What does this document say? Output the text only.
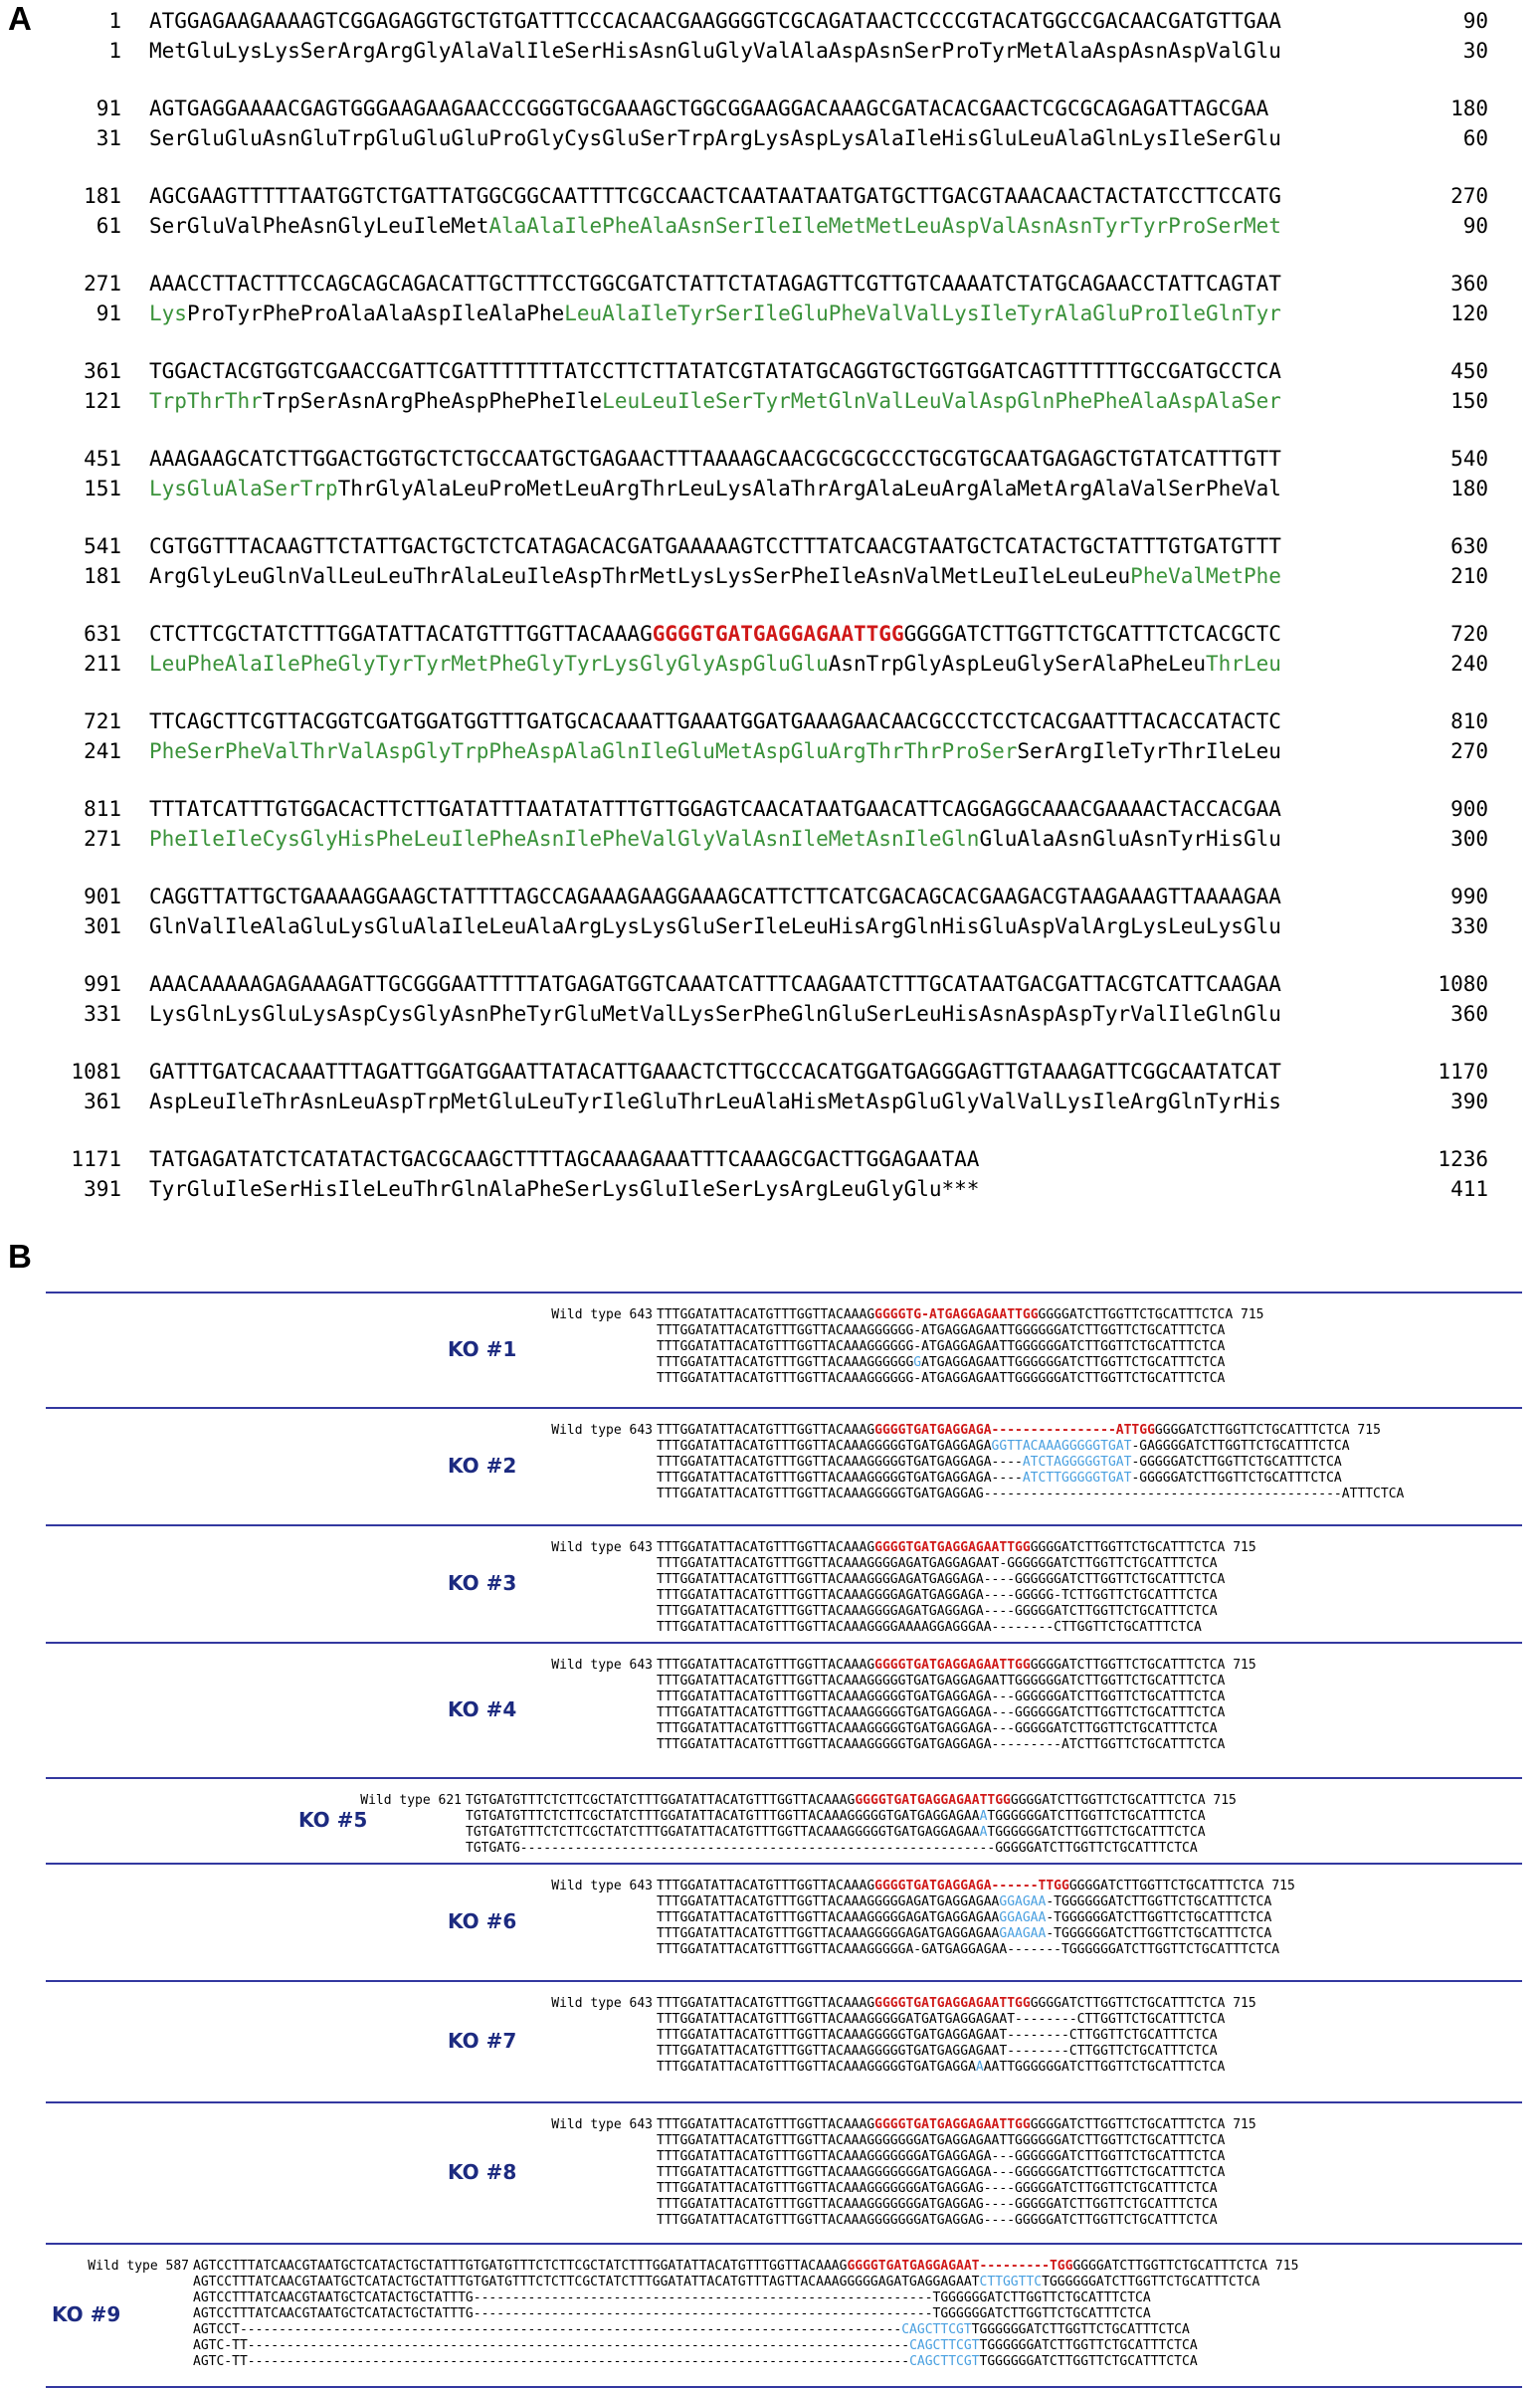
A
B
1 ATGGAGAAGAAAAGTCGGAGAGGTGCTGTGATTTCCCACAACGAAGGGGTCGCAGATAACTCCCCGTACATGGCCGACAACGATGTTGAA	90
1 MetGluLysLysSerArgArgGlyAlaValIleSerHisAsnGluGlyValAlaAspAsnSerProTyrMetAlaAspAsnAspValGlu	30
91 AGTGAGGAAAACGAGTGGGAAGAAGAACCCGGGTGCGAAAGCTGGCGGAAGGACAAAGCGATACACGAACTCGCGCAGAGATTAGCGAA	180
31 SerGluGluAsnGluTrpGluGluGluProGlyCysGluSerTrpArgLysAspLysAlaIleHisGluLeuAlaGlnLysIleSerGlu	60
181 AGCGAAGTTTTTAATGGTCTGATTATGGCGGCAATTTTCGCCAACTCAATAATAATGATGCTTGACGTAAACAACTACTATCCTTCCATG	270
61 SerGluValPheAsnGlyLeuIleMetAlaAlaIlePheAlaAsnSerIleIleMetMetLeuAspValAsnAsnTyrTyrProSerMet	90
271 AAACCTTACTTTCCAGCAGCAGACATTGCTTTCCTGGCGATCTATTCTATAGAGTTCGTTGTCAAAATCTATGCAGAACCTATTCAGTAT	360
91 LysProTyrPheProAlaAlaAspIleAlaPheLeuAlaIleTyrSerIleGluPheValValLysIleTyrAlaGluProIleGlnTyr	120
361 TGGACTACGTGGTCGAACCGATTCGATTTTTTTATCCTTCTTATATCGTATATGCAGGTGCTGGTGGATCAGTTTTTTGCCGATGCCTCA	450
121 TrpThrThrTrpSerAsnArgPheAspPhePheIleLeuLeuIleSerTyrMetGlnValLeuValAspGlnPhePheAlaAspAlaSer	150
451 AAAGAAGCATCTTGGACTGGTGCTCTGCCAATGCTGAGAACTTTAAAAGCAACGCGCGCCCTGCGTGCAATGAGAGCTGTATCATTTGTT	540
151 LysGluAlaSerTrpThrGlyAlaLeuProMetLeuArgThrLeuLysAlaThrArgAlaLeuArgAlaMetArgAlaValSerPheVal	180
541 CGTGGTTTACAAGTTCTATTGACTGCTCTCATAGACACGATGAAAAAGTCCTTTATCAACGTAATGCTCATACTGCTATTTGTGATGTTT	630
181 ArgGlyLeuGlnValLeuLeuThrAlaLeuIleAspThrMetLysLysSerPheIleAsnValMetLeuIleLeuLeuPheValMetPhe	210
631 CTCTTCGCTATCTTTGGATATTACATGTTTGGTTACAAAGGGGGTGATGAGGAGAATTGGGGGGATCTTGGTTCTGCATTTCTCACGCTC	720
211 LeuPheAlaIlePheGlyTyrTyrMetPheGlyTyrLysGlyGlyAspGluGluAsnTrpGlyAspLeuGlySerAlaPheLeuThrLeu	240
721 TTCAGCTTCGTTACGGTCGATGGATGGTTTGATGCACAAATTGAAATGGATGAAAGAACAACGCCCTCCTCACGAATTTACACCATACTC	810
241 PheSerPheValThrValAspGlyTrpPheAspAlaGlnIleGluMetAspGluArgThrThrProSerSerArgIleTyrThrIleLeu	270
811 TTTATCATTTGTGGACACTTCTTGATATTTAATATATTTGTTGGAGTCAACATAATGAACATTCAGGAGGCAAACGAAAACTACCACGAA	900
271 PheIleIleCysGlyHisPheLeuIlePheAsnIlePheValGlyValAsnIleMetAsnIleGlnGluAlaAsnGluAsnTyrHisGlu	300
901 CAGGTTATTGCTGAAAAGGAAGCTATTTTAGCCAGAAAGAAGGAAAGCATTCTTCATCGACAGCACGAAGACGTAAGAAAGTTAAAAGAA	990
301 GlnValIleAlaGluLysGluAlaIleLeuAlaArgLysLysGluSerIleLeuHisArgGlnHisGluAspValArgLysLeuLysGlu	330
991 AAACAAAAAGAGAAAGATTGCGGGAATTTTTATGAGATGGTCAAATCATTTCAAGAATCTTTGCATAATGACGATTACGTCATTCAAGAA	1080
331 LysGlnLysGluLysAspCysGlyAsnPheTyrGluMetValLysSerPheGlnGluSerLeuHisAsnAspAspTyrValIleGlnGlu	360
1081 GATTTGATCACAAATTTAGATTGGATGGAATTATACATTGAAACTCTTGCCCACATGGATGAGGGAGTTGTAAAGATTCGGCAATATCAT	1170
361 AspLeuIleThrAsnLeuAspTrpMetGluLeuTyrIleGluThrLeuAlaHisMetAspGluGlyValValLysIleArgGlnTyrHis	390
1171 TATGAGATATCTCATATACTGACGCAAGCTTTTAGCAAAGAAATTTCAAAGCGACTTGGAGAATAA	1236
391 TyrGluIleSerHisIleLeuThrGlnAlaPheSerLysGluIleSerLysArgLeuGlyGlu***	411
KO #1
Wild type 643 TTTGGATATTACATGTTTGGTTACAAAGGGGGTG-ATGAGGAGAATTGGGGGGATCTTGGTTCTGCATTTCTCA 715
TTTGGATATTACATGTTTGGTTACAAAGGGGGG-ATGAGGAGAATTGGGGGGATCTTGGTTCTGCATTTCTCA
TTTGGATATTACATGTTTGGTTACAAAGGGGGG-ATGAGGAGAATTGGGGGGATCTTGGTTCTGCATTTCTCA
TTTGGATATTACATGTTTGGTTACAAAGGGGGGGATGAGGAGAATTGGGGGGATCTTGGTTCTGCATTTCTCA
TTTGGATATTACATGTTTGGTTACAAAGGGGGG-ATGAGGAGAATTGGGGGGATCTTGGTTCTGCATTTCTCA
KO #2
Wild type 643 TTTGGATATTACATGTTTGGTTACAAAGGGGGTGATGAGGAGA----------------ATTGGGGGGATCTTGGTTCTGCATTTCTCA 715
TTTGGATATTACATGTTTGGTTACAAAGGGGGTGATGAGGAGAGGTTACAAAGGGGGTGAT-GAGGGGATCTTGGTTCTGCATTTCTCA
TTTGGATATTACATGTTTGGTTACAAAGGGGGTGATGAGGAGA----ATCTAGGGGGTGAT-GGGGGATCTTGGTTCTGCATTTCTCA
TTTGGATATTACATGTTTGGTTACAAAGGGGGTGATGAGGAGA----ATCTTGGGGGTGAT-GGGGGATCTTGGTTCTGCATTTCTCA
TTTGGATATTACATGTTTGGTTACAAAGGGGGTGATGAGGAG----------------------------------------------ATTTCTCA
KO #3
Wild type 643 TTTGGATATTACATGTTTGGTTACAAAGGGGGTGATGAGGAGAATTGGGGGGATCTTGGTTCTGCATTTCTCA 715
TTTGGATATTACATGTTTGGTTACAAAGGGGAGATGAGGAGAAT-GGGGGGATCTTGGTTCTGCATTTCTCA
TTTGGATATTACATGTTTGGTTACAAAGGGGAGATGAGGAGA----GGGGGGATCTTGGTTCTGCATTTCTCA
TTTGGATATTACATGTTTGGTTACAAAGGGGAGATGAGGAGA----GGGGG-TCTTGGTTCTGCATTTCTCA
TTTGGATATTACATGTTTGGTTACAAAGGGGAGATGAGGAGA----GGGGGATCTTGGTTCTGCATTTCTCA
TTTGGATATTACATGTTTGGTTACAAAGGGGAAAAGGAGGGAA--------CTTGGTTCTGCATTTCTCA
KO #4
Wild type 643 TTTGGATATTACATGTTTGGTTACAAAGGGGGTGATGAGGAGAATTGGGGGGATCTTGGTTCTGCATTTCTCA 715
TTTGGATATTACATGTTTGGTTACAAAGGGGGTGATGAGGAGAATTGGGGGGATCTTGGTTCTGCATTTCTCA
TTTGGATATTACATGTTTGGTTACAAAGGGGGTGATGAGGAGA---GGGGGGATCTTGGTTCTGCATTTCTCA
TTTGGATATTACATGTTTGGTTACAAAGGGGGTGATGAGGAGA---GGGGGGATCTTGGTTCTGCATTTCTCA
TTTGGATATTACATGTTTGGTTACAAAGGGGGTGATGAGGAGA---GGGGGATCTTGGTTCTGCATTTCTCA
TTTGGATATTACATGTTTGGTTACAAAGGGGGTGATGAGGAGA---------ATCTTGGTTCTGCATTTCTCA
KO #5
Wild type 621 TGTGATGTTTCTCTTCGCTATCTTTGGATATTACATGTTTGGTTACAAAGGGGGTGATGAGGAGAATTGGGGGGATCTTGGTTCTGCATTTCTCA 715
TGTGATGTTTCTCTTCGCTATCTTTGGATATTACATGTTTGGTTACAAAGGGGGTGATGAGGAGAAATGGGGGGATCTTGGTTCTGCATTTCTCA
TGTGATGTTTCTCTTCGCTATCTTTGGATATTACATGTTTGGTTACAAAGGGGGTGATGAGGAGAAATGGGGGGATCTTGGTTCTGCATTTCTCA
TGTGATG-------------------------------------------------------------GGGGGATCTTGGTTCTGCATTTCTCA
KO #6
Wild type 643 TTTGGATATTACATGTTTGGTTACAAAGGGGGTGATGAGGAGA------TTGGGGGGATCTTGGTTCTGCATTTCTCA 715
TTTGGATATTACATGTTTGGTTACAAAGGGGGAGATGAGGAGAAGGAGAA-TGGGGGGATCTTGGTTCTGCATTTCTCA
TTTGGATATTACATGTTTGGTTACAAAGGGGGAGATGAGGAGAAGGAGAA-TGGGGGGATCTTGGTTCTGCATTTCTCA
TTTGGATATTACATGTTTGGTTACAAAGGGGGAGATGAGGAGAAGAAGAA-TGGGGGGATCTTGGTTCTGCATTTCTCA
TTTGGATATTACATGTTTGGTTACAAAGGGGGA-GATGAGGAGAA-------TGGGGGGATCTTGGTTCTGCATTTCTCA
KO #7
Wild type 643 TTTGGATATTACATGTTTGGTTACAAAGGGGGTGATGAGGAGAATTGGGGGGATCTTGGTTCTGCATTTCTCA 715
TTTGGATATTACATGTTTGGTTACAAAGGGGGATGATGAGGAGAAT--------CTTGGTTCTGCATTTCTCA
TTTGGATATTACATGTTTGGTTACAAAGGGGGTGATGAGGAGAAT--------CTTGGTTCTGCATTTCTCA
TTTGGATATTACATGTTTGGTTACAAAGGGGGTGATGAGGAGAAT--------CTTGGTTCTGCATTTCTCA
TTTGGATATTACATGTTTGGTTACAAAGGGGGTGATGAGGAAAATTGGGGGGATCTTGGTTCTGCATTTCTCA
KO #8
Wild type 643 TTTGGATATTACATGTTTGGTTACAAAGGGGGTGATGAGGAGAATTGGGGGGATCTTGGTTCTGCATTTCTCA 715
TTTGGATATTACATGTTTGGTTACAAAGGGGGGGATGAGGAGAATTGGGGGGATCTTGGTTCTGCATTTCTCA
TTTGGATATTACATGTTTGGTTACAAAGGGGGGGATGAGGAGA---GGGGGGATCTTGGTTCTGCATTTCTCA
TTTGGATATTACATGTTTGGTTACAAAGGGGGGGATGAGGAGA---GGGGGGATCTTGGTTCTGCATTTCTCA
TTTGGATATTACATGTTTGGTTACAAAGGGGGGGATGAGGAG----GGGGGATCTTGGTTCTGCATTTCTCA
TTTGGATATTACATGTTTGGTTACAAAGGGGGGGATGAGGAG----GGGGGATCTTGGTTCTGCATTTCTCA
TTTGGATATTACATGTTTGGTTACAAAGGGGGGGATGAGGAG----GGGGGATCTTGGTTCTGCATTTCTCA
KO #9
Wild type 587 AGTCCTTTATCAACGTAATGCTCATACTGCTATTTGTGATGTTTCTCTTCGCTATCTTTGGATATTACATGTTTGGTTACAAAGGGGGTGATGAGGAGAAT---------TGGGGGGATCTTGGTTCTGCATTTCTCA 715
AGTCCTTTATCAACGTAATGCTCATACTGCTATTTGTGATGTTTCTCTTCGCTATCTTTGGATATTACATGTTTAGTTACAAAGGGGGAGATGAGGAGAATCTTGGTTCTGGGGGGATCTTGGTTCTGCATTTCTCA
AGTCCTTTATCAACGTAATGCTCATACTGCTATTTG-----------------------------------------------------------TGGGGGGATCTTGGTTCTGCATTTCTCA
AGTCCTTTATCAACGTAATGCTCATACTGCTATTTG-----------------------------------------------------------TGGGGGGATCTTGGTTCTGCATTTCTCA
AGTCCT-------------------------------------------------------------------------------------CAGCTTCGTTGGGGGGATCTTGGTTCTGCATTTCTCA
AGTC-TT-------------------------------------------------------------------------------------CAGCTTCGTTGGGGGGATCTTGGTTCTGCATTTCTCA
AGTC-TT-------------------------------------------------------------------------------------CAGCTTCGTTGGGGGGATCTTGGTTCTGCATTTCTCA
